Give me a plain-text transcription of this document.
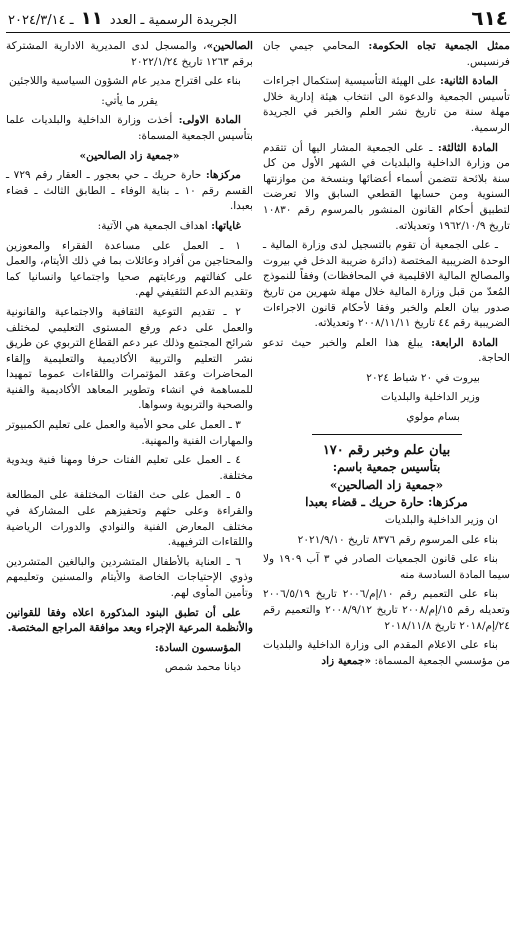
٦١٤
الجريدة الرسمية ـ العدد ١١ ـ ٢٠٢٤/٣/١٤

ممثل الجمعية تجاه الحكومة: المحامي جيمي جان فرنسيس.

المادة الثانية: على الهيئة التأسيسية إستكمال اجراءات تأسيس الجمعية والدعوة الى انتخاب هيئة إدارية خلال مهلة سنة من تاريخ نشر العلم والخبر في الجريدة الرسمية.

المادة الثالثة: ـ على الجمعية المشار اليها أن تتقدم من وزارة الداخلية والبلديات في الشهر الأول من كل سنة بلائحة تتضمن أسماء أعضائها وبنسخة من موازنتها السنوية ومن حسابها القطعي السابق والا تعرضت لتطبيق أحكام القانون المنشور بالمرسوم رقم ١٠٨٣٠ تاريخ ١٩٦٢/١٠/٩ وتعديلاته.

ـ على الجمعية أن تقوم بالتسجيل لدى وزارة المالية ـ الوحدة الضريبية المختصة (دائرة ضريبة الدخل في بيروت والمصالح المالية الاقليمية في المحافظات) وفقاً للنموذج المُعدّ من قبل وزارة المالية خلال مهلة شهرين من تاريخ صدور بيان العلم والخبر وفقا لأحكام قانون الاجراءات الضريبية رقم ٤٤ تاريخ ٢٠٠٨/١١/١١ وتعديلاته.

المادة الرابعة: يبلغ هذا العلم والخبر حيث تدعو الحاجة.

بيروت في ٢٠ شباط ٢٠٢٤

وزير الداخلية والبلديات

بسام مولوي

بيان علم وخبر رقم ١٧٠
بتأسيس جمعية باسم:
«جمعية زاد الصالحين»
مركزها: حارة حريك ـ قضاء بعبدا

ان وزير الداخلية والبلديات

بناء على المرسوم رقم ٨٣٧٦ تاريخ ٢٠٢١/٩/١٠

بناء على قانون الجمعيات الصادر في ٣ آب ١٩٠٩ ولا سيما المادة السادسة منه

بناء على التعميم رقم ١٠/إم/٢٠٠٦ تاريخ ٢٠٠٦/٥/١٩ وتعديله رقم ١٥/إم/٢٠٠٨ تاريخ ٢٠٠٨/٩/١٢ والتعميم رقم ٢٤/إم/٢٠١٨ تاريخ ٢٠١٨/١١/٨

بناء على الاعلام المقدم الى وزارة الداخلية والبلديات من مؤسسي الجمعية المسماة: «جمعية زاد

الصالحين»، والمسجل لدى المديرية الادارية المشتركة برقم ١٢٦٣ تاريخ ٢٠٢٢/١/٢٤

بناء على اقتراح مدير عام الشؤون السياسية واللاجئين

يقرر ما يأتي:

المادة الاولى: أخذت وزارة الداخلية والبلديات علما بتأسيس الجمعية المسماة:

«جمعية زاد الصالحين»

مركزها: حارة حريك ـ حي بعجور ـ العقار رقم ٧٢٩ ـ القسم رقم ١٠ ـ بناية الوفاء ـ الطابق الثالث ـ قضاء بعبدا.

غاياتها: اهداف الجمعية هي الآتية:

١ ـ العمل على مساعدة الفقراء والمعوزين والمحتاجين من أفراد وعائلات بما في ذلك الأيتام، والعمل على كفالتهم ورعايتهم صحيا واجتماعيا وانسانيا كما وتقديم الدعم التثقيفي لهم.

٢ ـ تقديم التوعية الثقافية والاجتماعية والقانونية والعمل على دعم ورفع المستوى التعليمي لمختلف شرائح المجتمع وذلك عبر دعم القطاع التربوي عن طريق نشر التعليم والتربية الأكاديمية والتعليمية وإلقاء المحاضرات وعقد المؤتمرات واللقاءات عموما تمهيدا للمساهمة في انشاء وتطوير المعاهد الأكاديمية والفنية والصحية والتربوية وسواها.

٣ ـ العمل على محو الأمية والعمل على تعليم الكمبيوتر والمهارات الفنية والمهنية.

٤ ـ العمل على تعليم الفتات حرفا ومهنا فنية ويدوية مختلفة.

٥ ـ العمل على حث الفئات المختلفة على المطالعة والقراءة وعلى حثهم وتحفيزهم على المشاركة في مختلف المعارض الفنية والنوادي والدورات الرياضية واللقاءات الترفيهية.

٦ ـ العناية بالأطفال المتشردين والبالغين المتشردين وذوي الإحتياجات الخاصة والأيتام والمسنين وتعليمهم وتأمين المأوى لهم.

على أن تطبق البنود المذكورة اعلاه وفقا للقوانين والأنظمة المرعية الإجراء وبعد موافقة المراجع المختصة.

المؤسسون السادة:

ديانا محمد شمص
